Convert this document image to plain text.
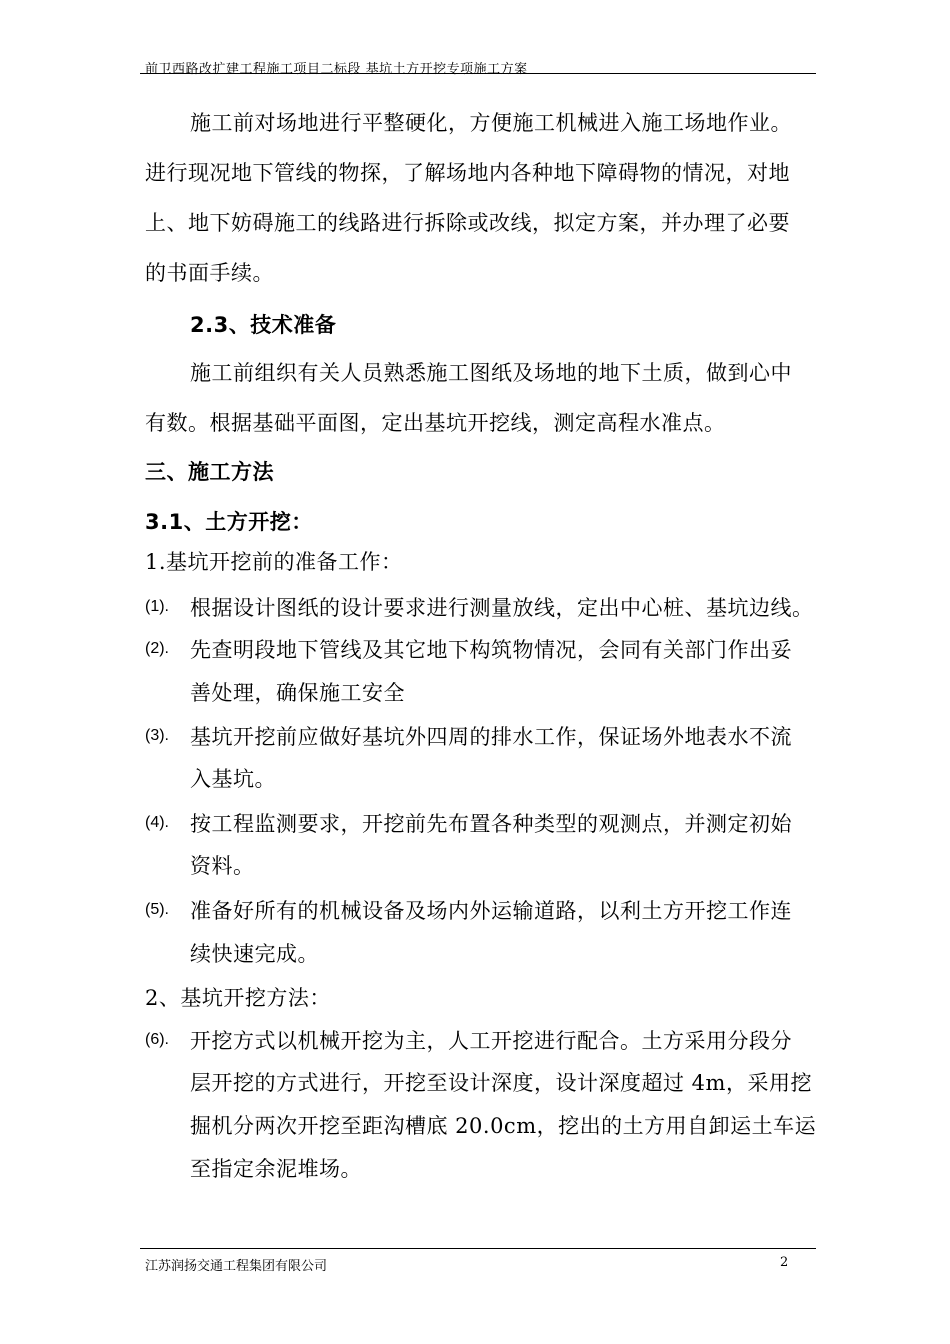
前卫西路改扩建工程施工项目二标段 基坑土方开挖专项施工方案
施工前对场地进行平整硬化，方便施工机械进入施工场地作业。
进行现况地下管线的物探，了解场地内各种地下障碍物的情况，对地
上、地下妨碍施工的线路进行拆除或改线，拟定方案，并办理了必要
的书面手续。
2.3、技术准备
施工前组织有关人员熟悉施工图纸及场地的地下土质，做到心中
有数。根据基础平面图，定出基坑开挖线，测定高程水准点。
三、施工方法
3.1、土方开挖：
1.基坑开挖前的准备工作：
(1). 根据设计图纸的设计要求进行测量放线，定出中心桩、基坑边线。
(2). 先查明段地下管线及其它地下构筑物情况，会同有关部门作出妥
善处理，确保施工安全
(3). 基坑开挖前应做好基坑外四周的排水工作，保证场外地表水不流
入基坑。
(4). 按工程监测要求，开挖前先布置各种类型的观测点，并测定初始
资料。
(5). 准备好所有的机械设备及场内外运输道路，以利土方开挖工作连
续快速完成。
2、基坑开挖方法：
(6). 开挖方式以机械开挖为主，人工开挖进行配合。土方采用分段分
层开挖的方式进行，开挖至设计深度，设计深度超过 4m，采用挖
掘机分两次开挖至距沟槽底 20.0cm，挖出的土方用自卸运土车运
至指定余泥堆场。
江苏润扬交通工程集团有限公司	2
